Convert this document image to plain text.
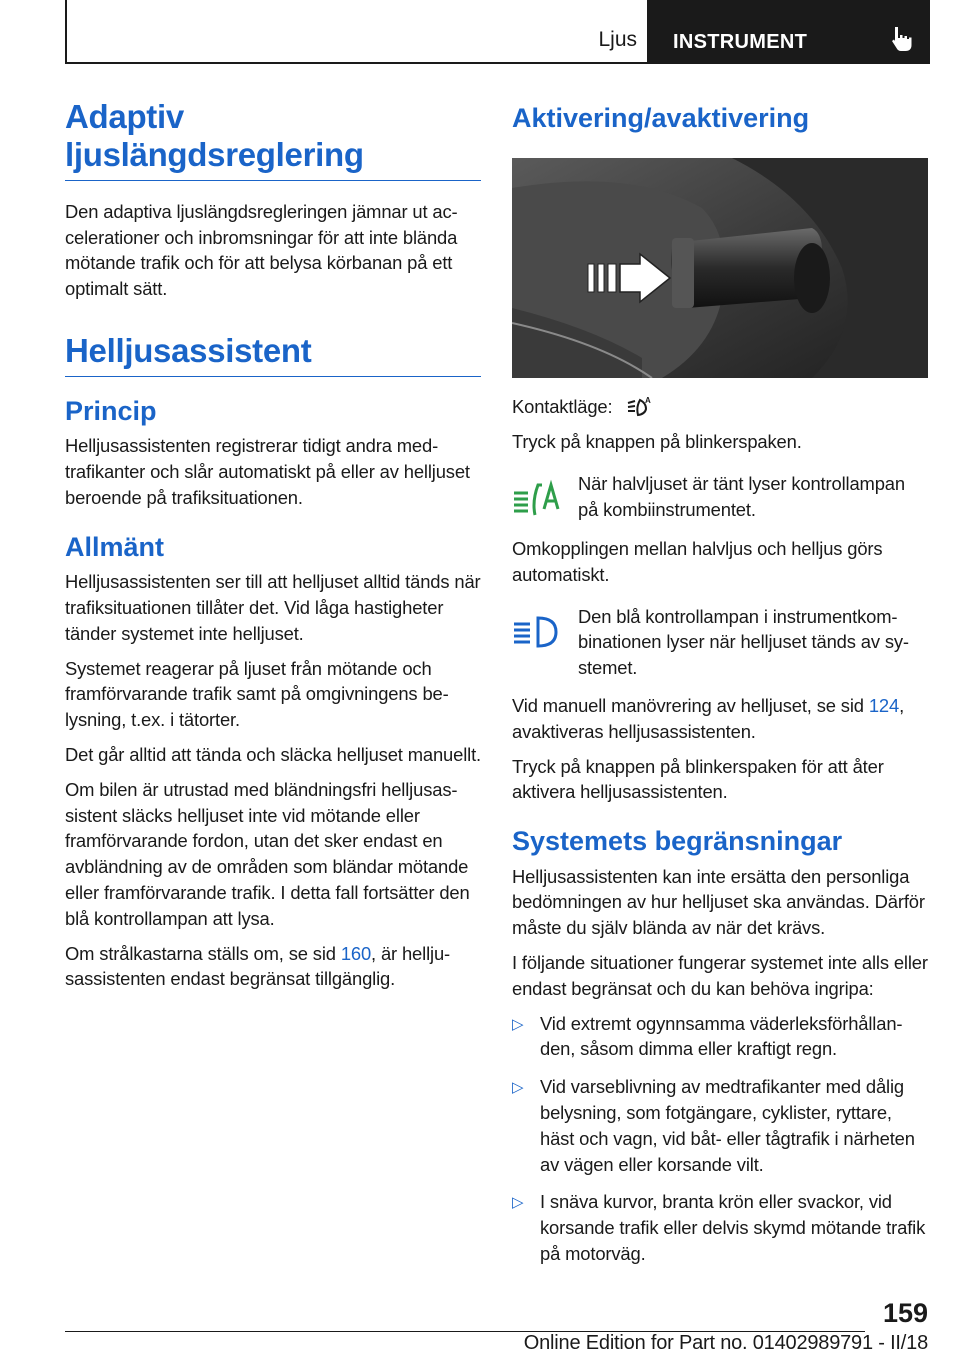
Ljus INSTRUMENT
Adaptiv ljuslängdsreglering

Den adaptiva ljuslängdsregleringen jämnar ut accelerationer och inbromsningar för att inte blända mötande trafik och för att belysa körbanan på ett optimalt sätt.

Helljusassistent
Princip

Helljusassistenten registrerar tidigt andra medtrafikanter och slår automatiskt på eller av helljuset beroende på trafiksituationen.

Allmänt

Helljusassistenten ser till att helljuset alltid tänds när trafiksituationen tillåter det. Vid låga hastigheter tänder systemet inte helljuset.

Systemet reagerar på ljuset från mötande och framförvarande trafik samt på omgivningens belysning, t.ex. i tätorter.

Det går alltid att tända och släcka helljuset manuellt.

Om bilen är utrustad med bländningsfri helljusassistent släcks helljuset inte vid mötande eller framförvarande fordon, utan det sker endast en avbländning av de områden som bländar mötande eller framförvarande trafik. I detta fall fortsätter den blå kontrollampan att lysa.

Om strålkastarna ställs om, se sid 160, är helljusassistenten endast begränsat tillgänglig.

Aktivering/avaktivering

Kontaktläge:	A

Tryck på knappen på blinkerspaken.

När halvljuset är tänt lyser kontrollampan på kombiinstrumentet.

Omkopplingen mellan halvljus och helljus görs automatiskt.

Den blå kontrollampan i instrumentkombinationen lyser när helljuset tänds av systemet.

Vid manuell manövrering av helljuset, se sid 124, avaktiveras helljusassistenten.

Tryck på knappen på blinkerspaken för att åter aktivera helljusassistenten.

Systemets begränsningar

Helljusassistenten kan inte ersätta den personliga bedömningen av hur helljuset ska användas. Därför måste du själv blända av när det krävs.

I följande situationer fungerar systemet inte alls eller endast begränsat och du kan behöva ingripa:

▷ Vid extremt ogynnsamma väderleksförhållanden, såsom dimma eller kraftigt regn.
▷ Vid varseblivning av medtrafikanter med dålig belysning, som fotgängare, cyklister, ryttare, häst och vagn, vid båt- eller tågtrafik i närheten av vägen eller korsande vilt.
▷ I snäva kurvor, branta krön eller svackor, vid korsande trafik eller delvis skymd mötande trafik på motorväg.
159
Online Edition for Part no. 01402989791 - II/18
